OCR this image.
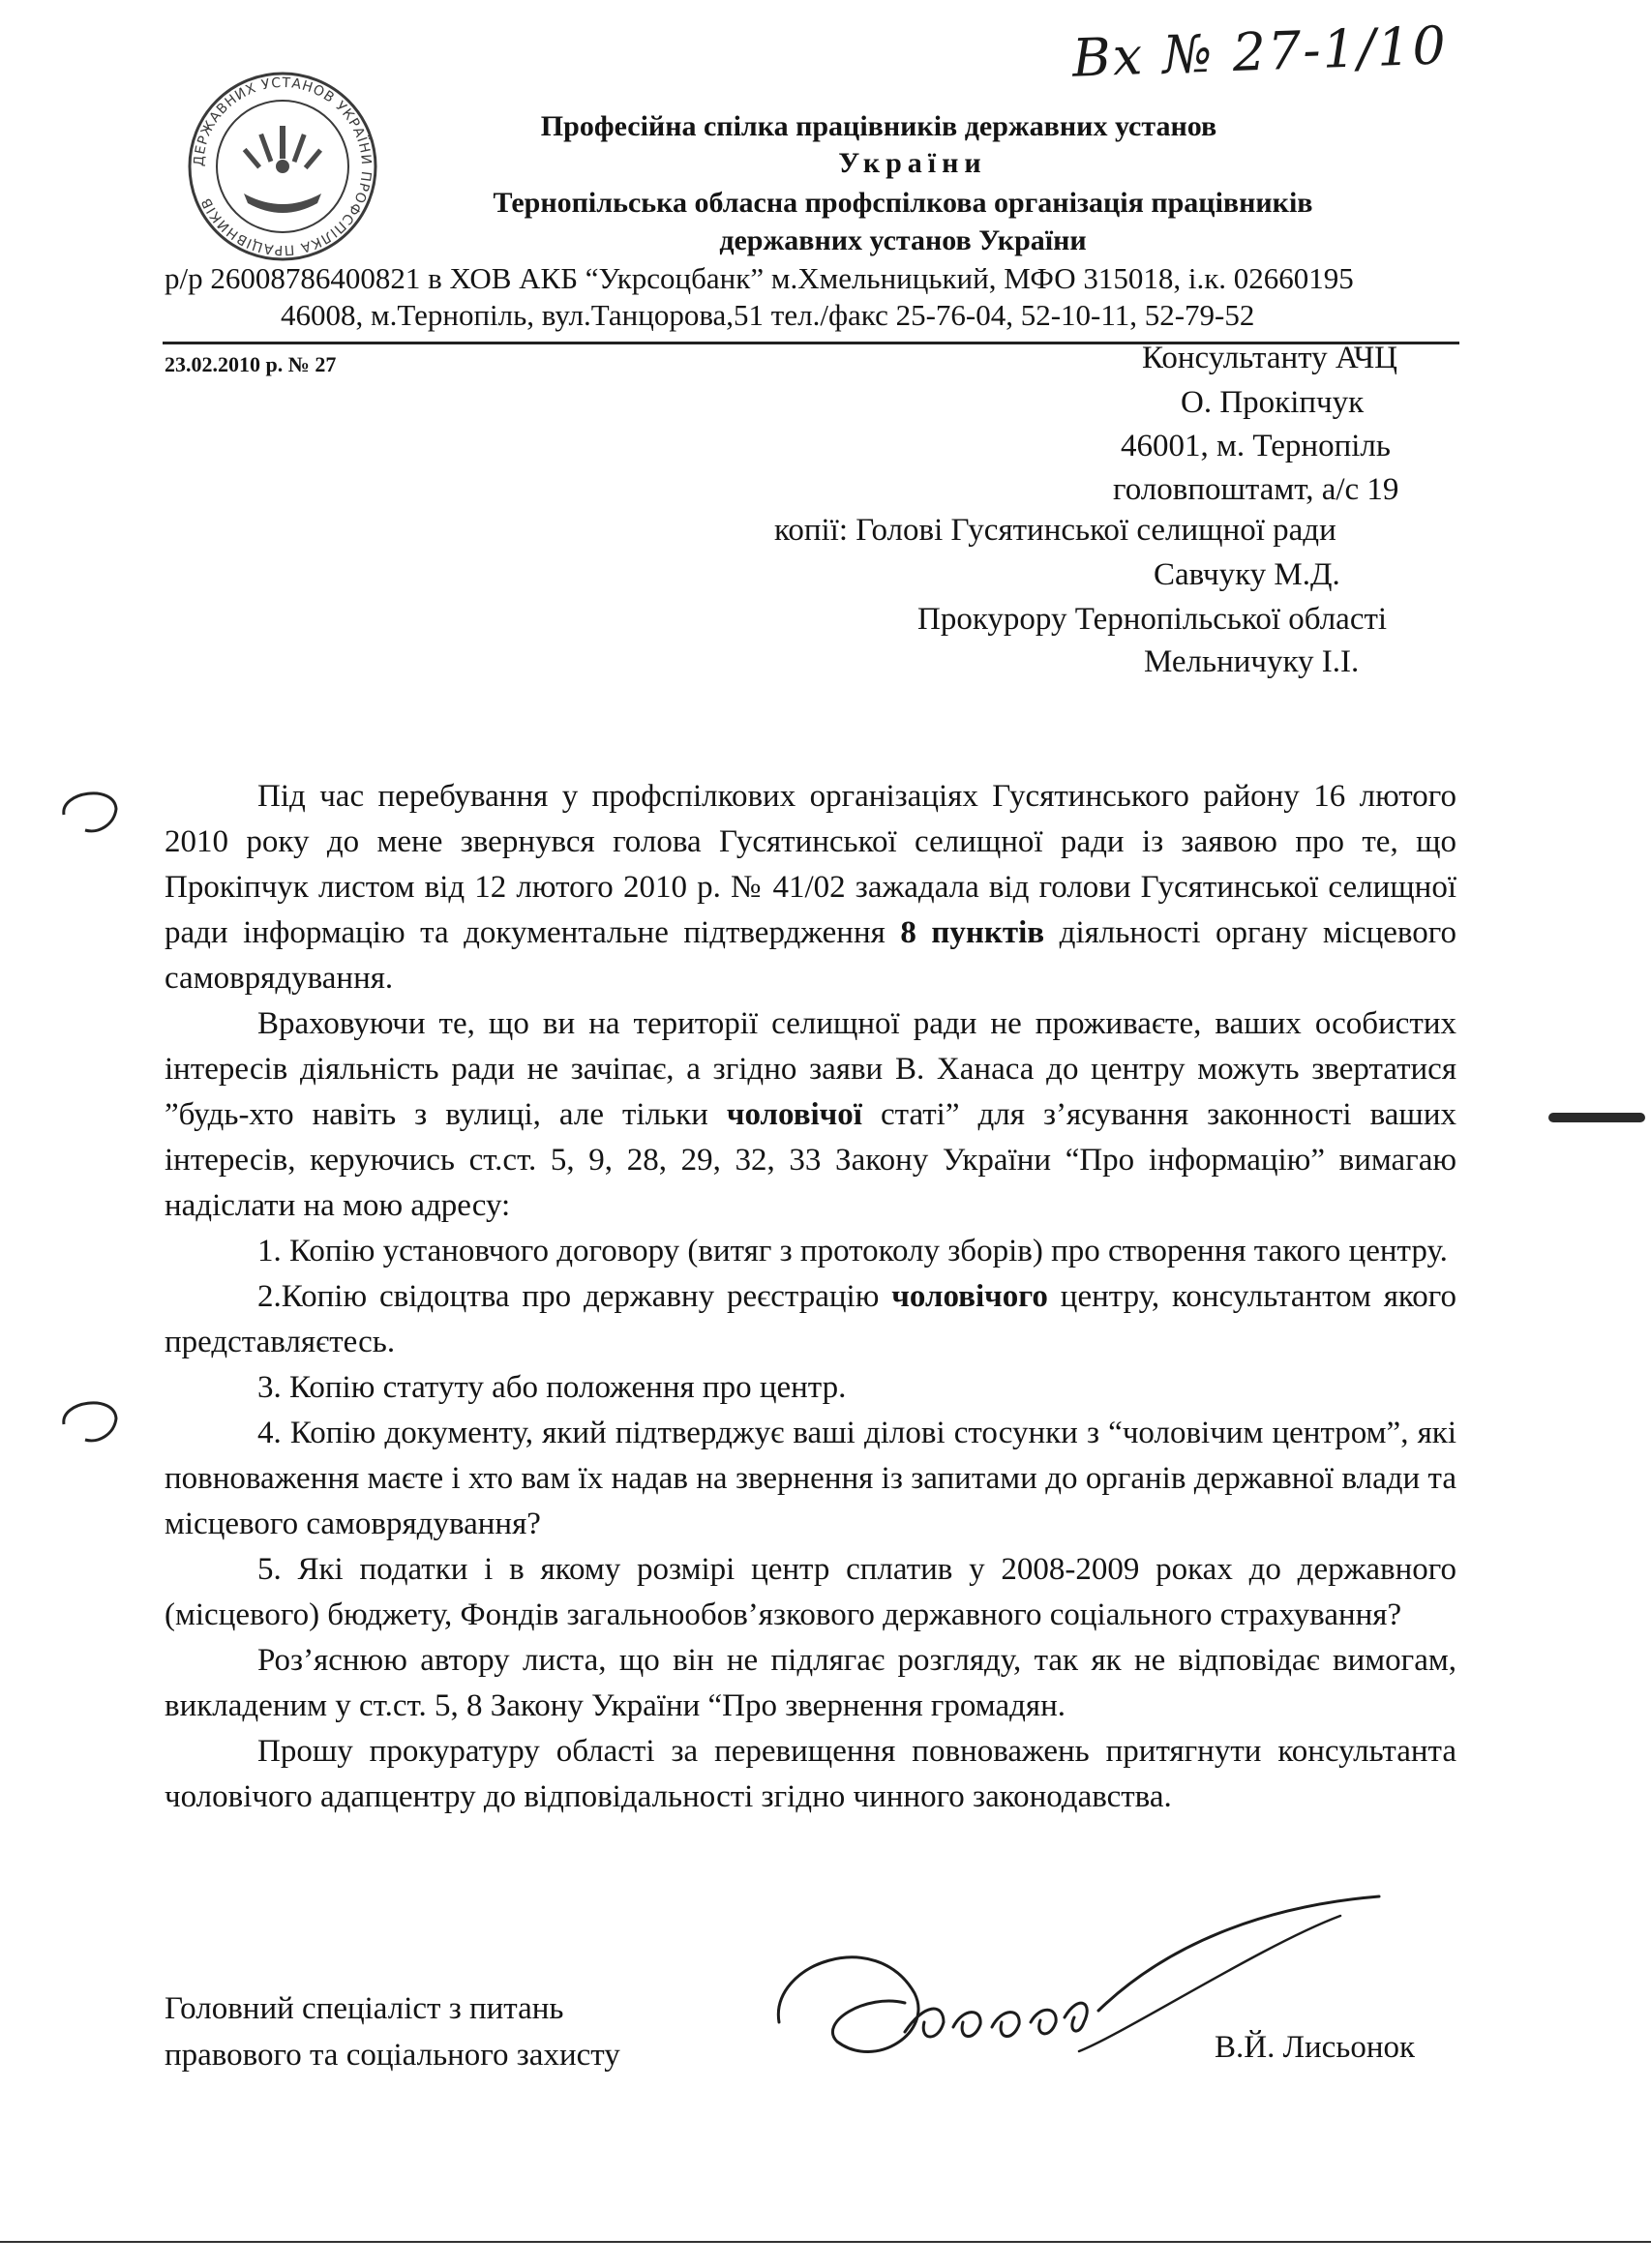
Вх № 27-1/10
ДЕРЖАВНИХ УСТАНОВ УКРАЇНИ ПРОФСПІЛКА ПРАЦІВНИКІВ
Професійна спілка працівників державних установ
України
Тернопільська обласна профспілкова організація працівників
державних установ України
р/р 26008786400821 в ХОВ АКБ “Укрсоцбанк” м.Хмельницький, МФО 315018, і.к. 02660195
46008, м.Тернопіль, вул.Танцорова,51 тел./факс 25-76-04, 52-10-11, 52-79-52
23.02.2010 р. № 27	Консультанту АЧЦ
О. Прокіпчук
46001, м. Тернопіль
головпоштамт, а/с 19
копії: Голові Гусятинської селищної ради
Савчуку М.Д.
Прокурору Тернопільської області
Мельничуку І.І.

Під час перебування у профспілкових організаціях Гусятинського району 16 лютого 2010 року до мене звернувся голова Гусятинської селищної ради із заявою про те, що Прокіпчук листом від 12 лютого 2010 р. № 41/02 зажадала від голови Гусятинської селищної ради інформацію та документальне підтвердження 8 пунктів діяльності органу місцевого самоврядування.

Враховуючи те, що ви на території селищної ради не проживаєте, ваших особистих інтересів діяльність ради не зачіпає, а згідно заяви В. Ханаса до центру можуть звертатися ”будь-хто навіть з вулиці, але тільки чоловічої статі” для з’ясування законності ваших інтересів, керуючись ст.ст. 5, 9, 28, 29, 32, 33 Закону України “Про інформацію” вимагаю надіслати на мою адресу:

1. Копію установчого договору (витяг з протоколу зборів) про створення такого центру.

2.Копію свідоцтва про державну реєстрацію чоловічого центру, консультантом якого представляєтесь.

3. Копію статуту або положення про центр.

4. Копію документу, який підтверджує ваші ділові стосунки з “чоловічим центром”, які повноваження маєте і хто вам їх надав на звернення із запитами до органів державної влади та місцевого самоврядування?

5. Які податки і в якому розмірі центр сплатив у 2008-2009 роках до державного (місцевого) бюджету, Фондів загальнообов’язкового державного соціального страхування?

Роз’яснюю автору листа, що він не підлягає розгляду, так як не відповідає вимогам, викладеним у ст.ст. 5, 8 Закону України “Про звернення громадян.

Прошу прокуратуру області за перевищення повноважень притягнути консультанта чоловічого адапцентру до відповідальності згідно чинного законодавства.

Головний спеціаліст з питань
правового та соціального захисту	В.Й. Лисьонок
